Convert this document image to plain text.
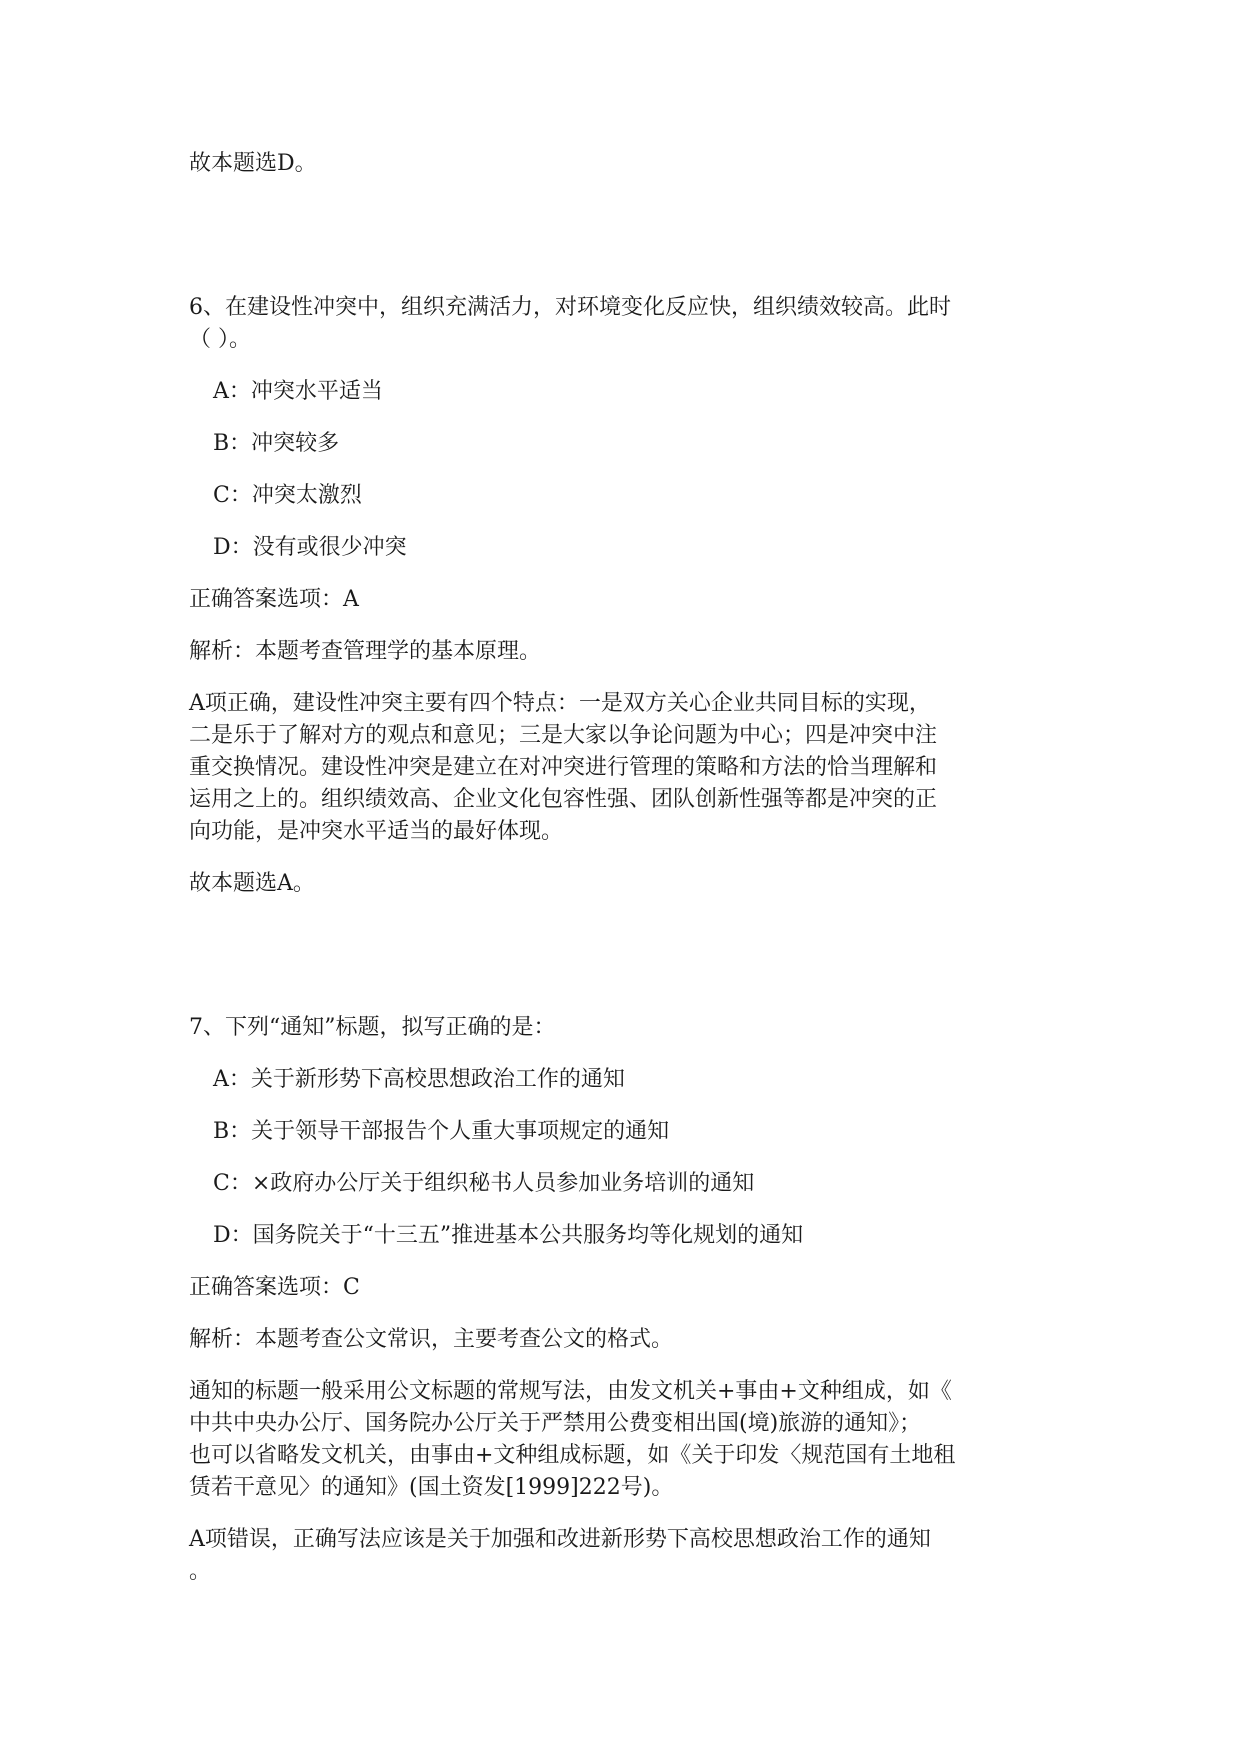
故本题选D。
6、在建设性冲突中，组织充满活力，对环境变化反应快，组织绩效较高。此时
（ ）。
A：冲突水平适当
B：冲突较多
C：冲突太激烈
D：没有或很少冲突
正确答案选项：A
解析：本题考查管理学的基本原理。
A项正确，建设性冲突主要有四个特点：一是双方关心企业共同目标的实现，
二是乐于了解对方的观点和意见；三是大家以争论问题为中心；四是冲突中注
重交换情况。建设性冲突是建立在对冲突进行管理的策略和方法的恰当理解和
运用之上的。组织绩效高、企业文化包容性强、团队创新性强等都是冲突的正
向功能，是冲突水平适当的最好体现。
故本题选A。
7、下列“通知”标题，拟写正确的是：
A：关于新形势下高校思想政治工作的通知
B：关于领导干部报告个人重大事项规定的通知
C：×政府办公厅关于组织秘书人员参加业务培训的通知
D：国务院关于“十三五”推进基本公共服务均等化规划的通知
正确答案选项：C
解析：本题考查公文常识，主要考查公文的格式。
通知的标题一般采用公文标题的常规写法，由发文机关+事由+文种组成，如《
中共中央办公厅、国务院办公厅关于严禁用公费变相出国(境)旅游的通知》；
也可以省略发文机关，由事由+文种组成标题，如《关于印发〈规范国有土地租
赁若干意见〉的通知》(国土资发[1999]222号)。
A项错误，正确写法应该是关于加强和改进新形势下高校思想政治工作的通知
。
